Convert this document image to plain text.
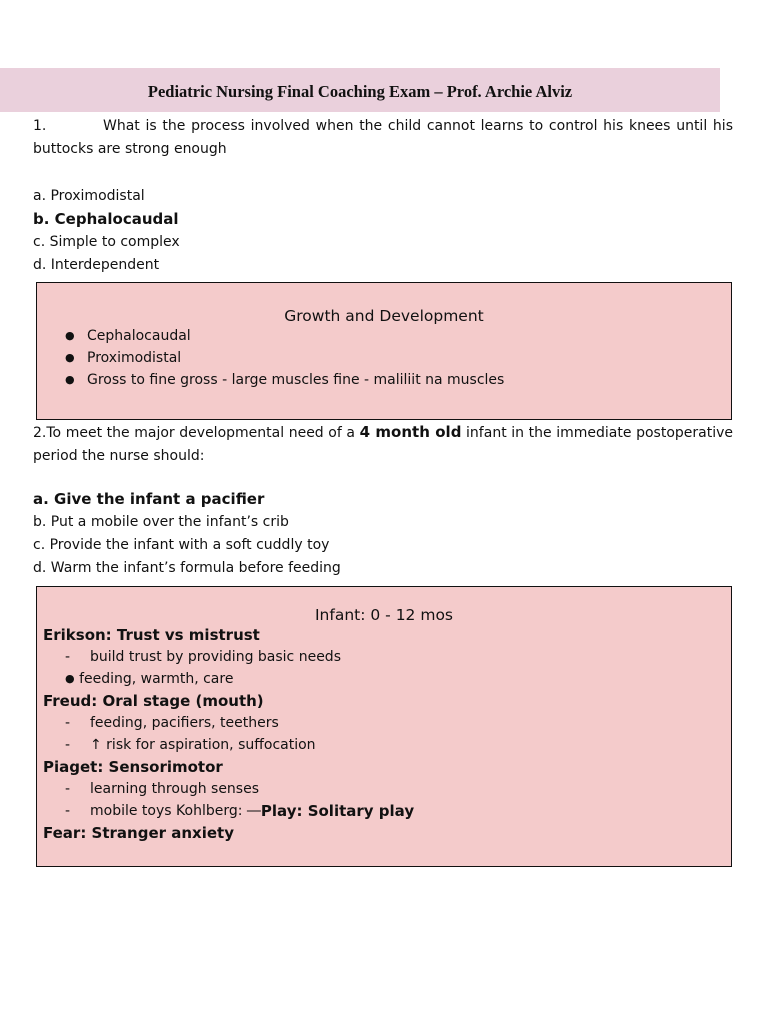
Pediatric Nursing Final Coaching Exam – Prof. Archie Alviz
1.	What is the process involved when the child cannot learns to control his knees until his buttocks are strong enough
a. Proximodistal
b. Cephalocaudal
c. Simple to complex
d. Interdependent
Growth and Development
● Cephalocaudal
● Proximodistal
● Gross to fine gross - large muscles fine - maliliit na muscles
2.To meet the major developmental need of a 4 month old infant in the immediate postoperative period the nurse should:
a. Give the infant a pacifier
b. Put a mobile over the infant’s crib
c. Provide the infant with a soft cuddly toy
d. Warm the infant’s formula before feeding
Infant: 0 - 12 mos
Erikson: Trust vs mistrust
-	build trust by providing basic needs
●
feeding, warmth, care
Freud: Oral stage (mouth)
-	feeding, pacifiers, teethers
-	↑ risk for aspiration, suffocation
Piaget: Sensorimotor
-	learning through senses
-	mobile toys Kohlberg: ― Play: Solitary play
Fear: Stranger anxiety
